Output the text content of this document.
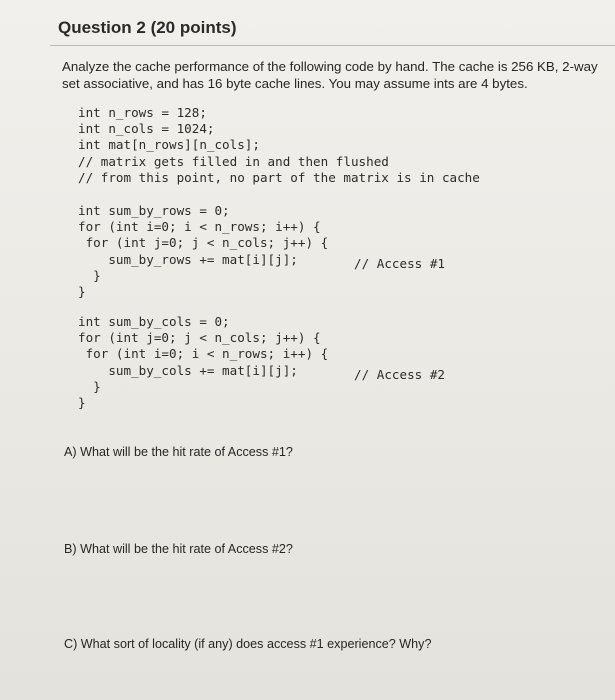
Question 2 (20 points)
Analyze the cache performance of the following code by hand. The cache is 256 KB, 2-way set associative, and has 16 byte cache lines. You may assume ints are 4 bytes.
int n_rows = 128;
int n_cols = 1024;
int mat[n_rows][n_cols];
// matrix gets filled in and then flushed
// from this point, no part of the matrix is in cache
int sum_by_rows = 0;
for (int i=0; i < n_rows; i++) {
for (int j=0; j < n_cols; j++) {
sum_by_rows += mat[i][j];
}
}
// Access #1
int sum_by_cols = 0;
for (int j=0; j < n_cols; j++) {
for (int i=0; i < n_rows; i++) {
sum_by_cols += mat[i][j];
}
}
// Access #2
A) What will be the hit rate of Access #1?
B) What will be the hit rate of Access #2?
C) What sort of locality (if any) does access #1 experience? Why?
